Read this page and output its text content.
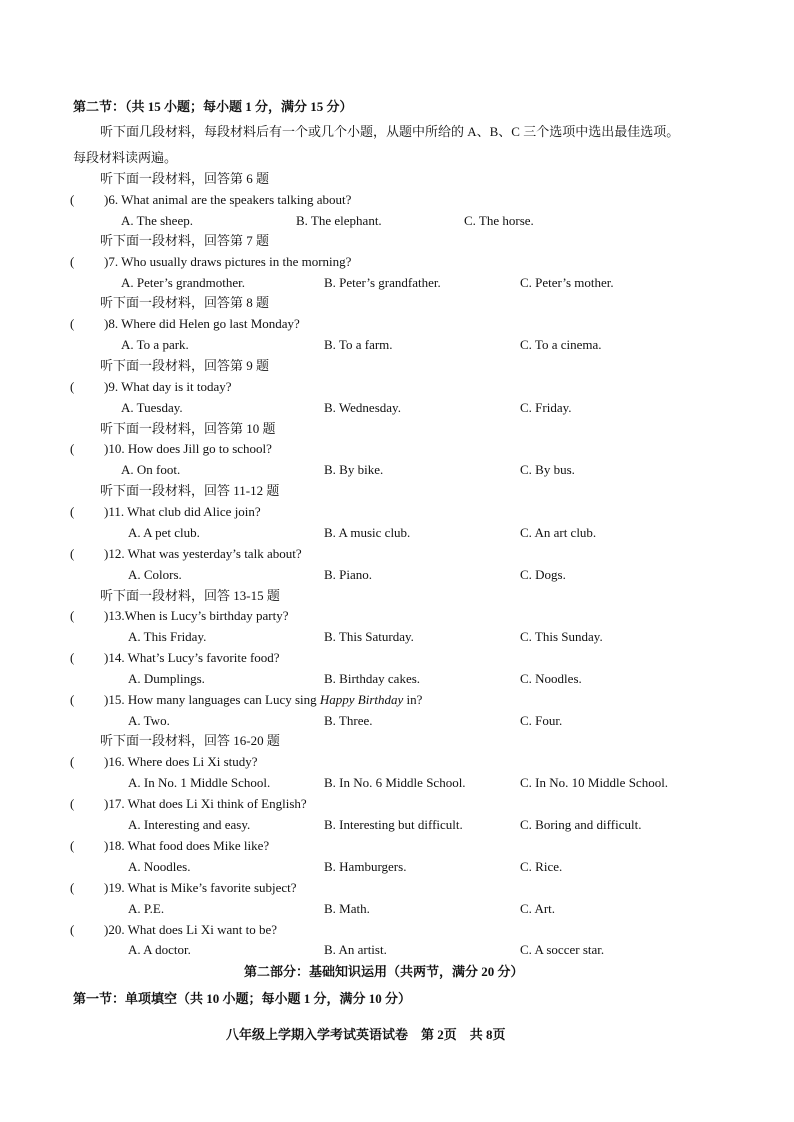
第二节：（共 15 小题；每小题 1 分，满分 15 分）
听下面几段材料，每段材料后有一个或几个小题，从题中所给的 A、B、C 三个选项中选出最佳选项。
每段材料读两遍。
听下面一段材料，回答第 6 题
( )6. What animal are the speakers talking about?
A. The sheep.	B. The elephant.	C. The horse.
听下面一段材料，回答第 7 题
( )7. Who usually draws pictures in the morning?
A. Peter’s grandmother.	B. Peter’s grandfather.	C. Peter’s mother.
听下面一段材料，回答第 8 题
( )8. Where did Helen go last Monday?
A. To a park.	B. To a farm.	C. To a cinema.
听下面一段材料，回答第 9 题
( )9. What day is it today?
A. Tuesday.	B. Wednesday.	C. Friday.
听下面一段材料，回答第 10 题
( )10. How does Jill go to school?
A. On foot.	B. By bike.	C. By bus.
听下面一段材料，回答 11-12 题
( )11. What club did Alice join?
A. A pet club.	B. A music club.	C. An art club.
( )12. What was yesterday’s talk about?
A. Colors.	B. Piano.	C. Dogs.
听下面一段材料，回答 13-15 题
( )13.When is Lucy’s birthday party?
A. This Friday.	B. This Saturday.	C. This Sunday.
( )14. What’s Lucy’s favorite food?
A. Dumplings.	B. Birthday cakes.	C. Noodles.
( )15. How many languages can Lucy sing Happy Birthday in?
A. Two.	B. Three.	C. Four.
听下面一段材料，回答 16-20 题
( )16. Where does Li Xi study?
A. In No. 1 Middle School.	B. In No. 6 Middle School.	C. In No. 10 Middle School.
( )17. What does Li Xi think of English?
A. Interesting and easy.	B. Interesting but difficult.	C. Boring and difficult.
( )18. What food does Mike like?
A. Noodles.	B. Hamburgers.	C. Rice.
( )19. What is Mike’s favorite subject?
A. P.E.	B. Math.	C. Art.
( )20. What does Li Xi want to be?
A. A doctor.	B. An artist.	C. A soccer star.
第二部分：基础知识运用（共两节，满分 20 分）
第一节：单项填空（共 10 小题；每小题 1 分，满分 10 分）
八年级上学期入学考试英语试卷　第 2页　共 8页
